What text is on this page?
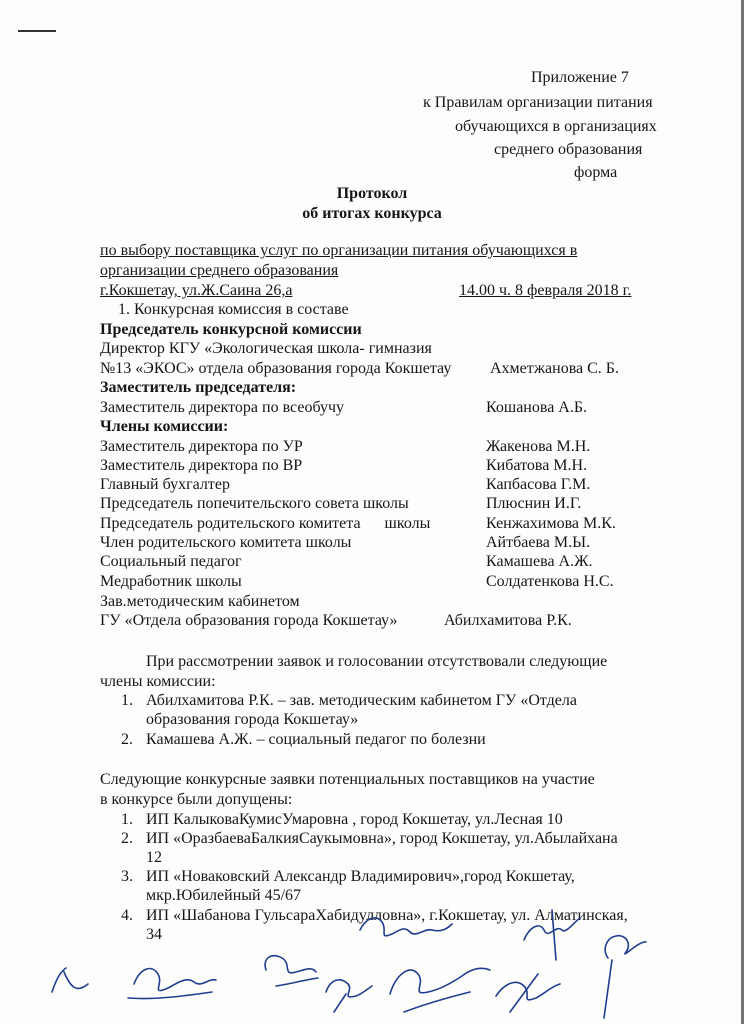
Приложение 7
к Правилам организации питания
обучающихся в организациях
среднего образования
форма
Протокол
об итогах конкурса
по выбору поставщика услуг по организации питания обучающихся в
организации среднего образования
г.Кокшетау, ул.Ж.Саина 26,а	14.00 ч. 8 февраля 2018 г.
1. Конкурсная комиссия в составе
Председатель конкурсной комиссии
Директор КГУ «Экологическая школа- гимназия
№13 «ЭКОС» отдела образования города Кокшетау Ахметжанова С. Б.
Заместитель председателя:
Заместитель директора по всеобучу	Кошанова А.Б.
Члены комиссии:
Заместитель директора по УР	Жакенова М.Н.
Заместитель директора по ВР	Кибатова М.Н.
Главный бухгалтер	Капбасова Г.М.
Председатель попечительского совета школы	Плюснин И.Г.
Председатель родительского комитета      школы	Кенжахимова М.К.
Член родительского комитета школы	Айтбаева М.Ы.
Социальный педагог	Камашева А.Ж.
Медработник школы	Солдатенкова Н.С.
Зав.методическим кабинетом
ГУ «Отдела образования города Кокшетау»	Абилхамитова Р.К.
При рассмотрении заявок и голосовании отсутствовали следующие
члены комиссии:
1. Абилхамитова Р.К. – зав. методическим кабинетом ГУ «Отдела
образования города Кокшетау»
2. Камашева А.Ж. – социальный педагог по болезни
Следующие конкурсные заявки потенциальных поставщиков на участие
в конкурсе были допущены:
1. ИП КалыковаКумисУмаровна , город Кокшетау, ул.Лесная 10
2. ИП «ОразбаеваБалкияСаукымовна», город Кокшетау, ул.Абылайхана
12
3. ИП «Новаковский Александр Владимирович»,город Кокшетау,
мкр.Юбилейный 45/67
4. ИП «Шабанова ГульсараХабидулловна», г.Кокшетау, ул. Алматинская,
34
